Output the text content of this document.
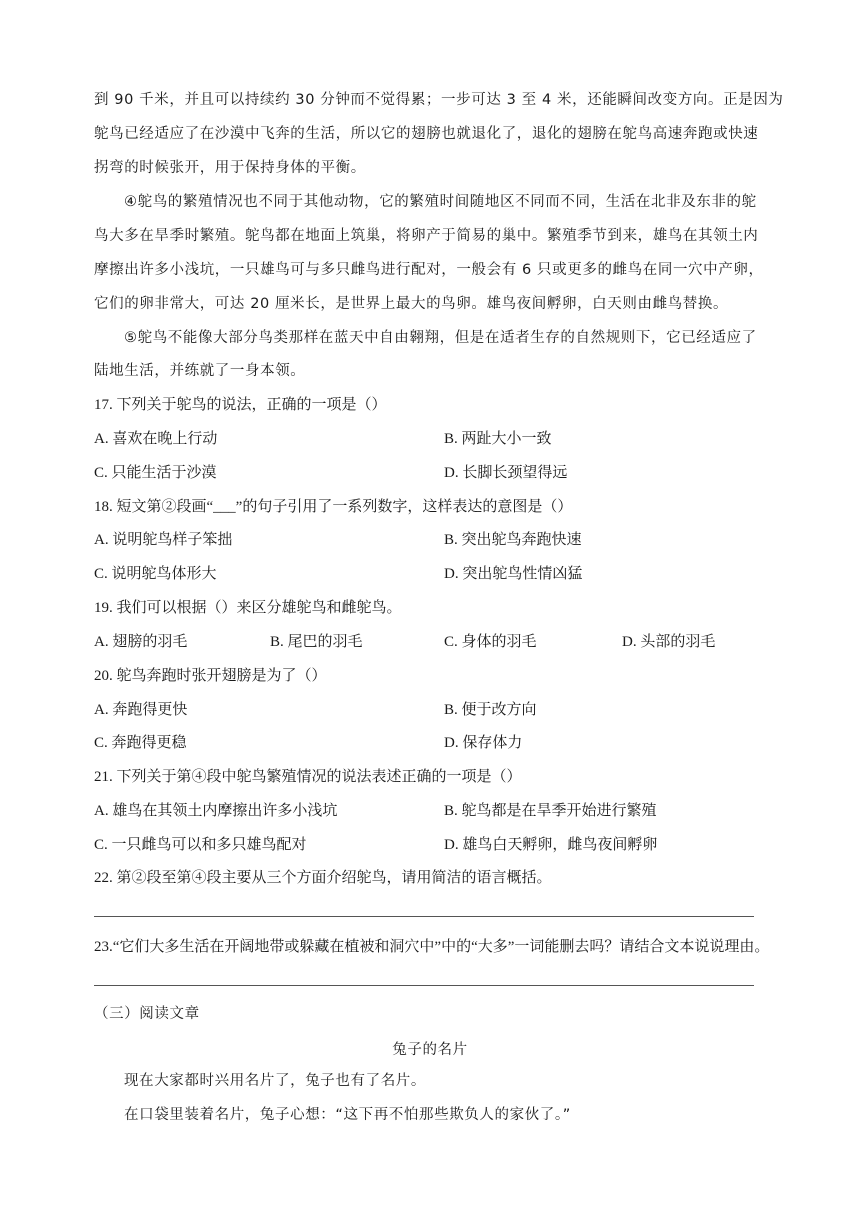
到 90 千米，并且可以持续约 30 分钟而不觉得累；一步可达 3 至 4 米，还能瞬间改变方向。正是因为
鸵鸟已经适应了在沙漠中飞奔的生活，所以它的翅膀也就退化了，退化的翅膀在鸵鸟高速奔跑或快速
拐弯的时候张开，用于保持身体的平衡。
④鸵鸟的繁殖情况也不同于其他动物，它的繁殖时间随地区不同而不同，生活在北非及东非的鸵
鸟大多在旱季时繁殖。鸵鸟都在地面上筑巢，将卵产于简易的巢中。繁殖季节到来，雄鸟在其领土内
摩擦出许多小浅坑，一只雄鸟可与多只雌鸟进行配对，一般会有 6 只或更多的雌鸟在同一穴中产卵，
它们的卵非常大，可达 20 厘米长，是世界上最大的鸟卵。雄鸟夜间孵卵，白天则由雌鸟替换。
⑤鸵鸟不能像大部分鸟类那样在蓝天中自由翱翔，但是在适者生存的自然规则下，它已经适应了
陆地生活，并练就了一身本领。
17. 下列关于鸵鸟的说法，正确的一项是（）
A. 喜欢在晚上行动	B. 两趾大小一致
C. 只能生活于沙漠	D. 长脚长颈望得远
18. 短文第②段画“___”的句子引用了一系列数字，这样表达的意图是（）
A. 说明鸵鸟样子笨拙	B. 突出鸵鸟奔跑快速
C. 说明鸵鸟体形大	D. 突出鸵鸟性情凶猛
19. 我们可以根据（）来区分雄鸵鸟和雌鸵鸟。
A. 翅膀的羽毛	B. 尾巴的羽毛	C. 身体的羽毛	D. 头部的羽毛
20. 鸵鸟奔跑时张开翅膀是为了（）
A. 奔跑得更快	B. 便于改方向
C. 奔跑得更稳	D. 保存体力
21. 下列关于第④段中鸵鸟繁殖情况的说法表述正确的一项是（）
A. 雄鸟在其领土内摩擦出许多小浅坑	B. 鸵鸟都是在旱季开始进行繁殖
C. 一只雌鸟可以和多只雄鸟配对	D. 雄鸟白天孵卵，雌鸟夜间孵卵
22. 第②段至第④段主要从三个方面介绍鸵鸟，请用简洁的语言概括。
23.“它们大多生活在开阔地带或躲藏在植被和洞穴中”中的“大多”一词能删去吗？请结合文本说说理由。
（三）阅读文章
兔子的名片
现在大家都时兴用名片了，兔子也有了名片。
在口袋里装着名片，兔子心想：“这下再不怕那些欺负人的家伙了。”
